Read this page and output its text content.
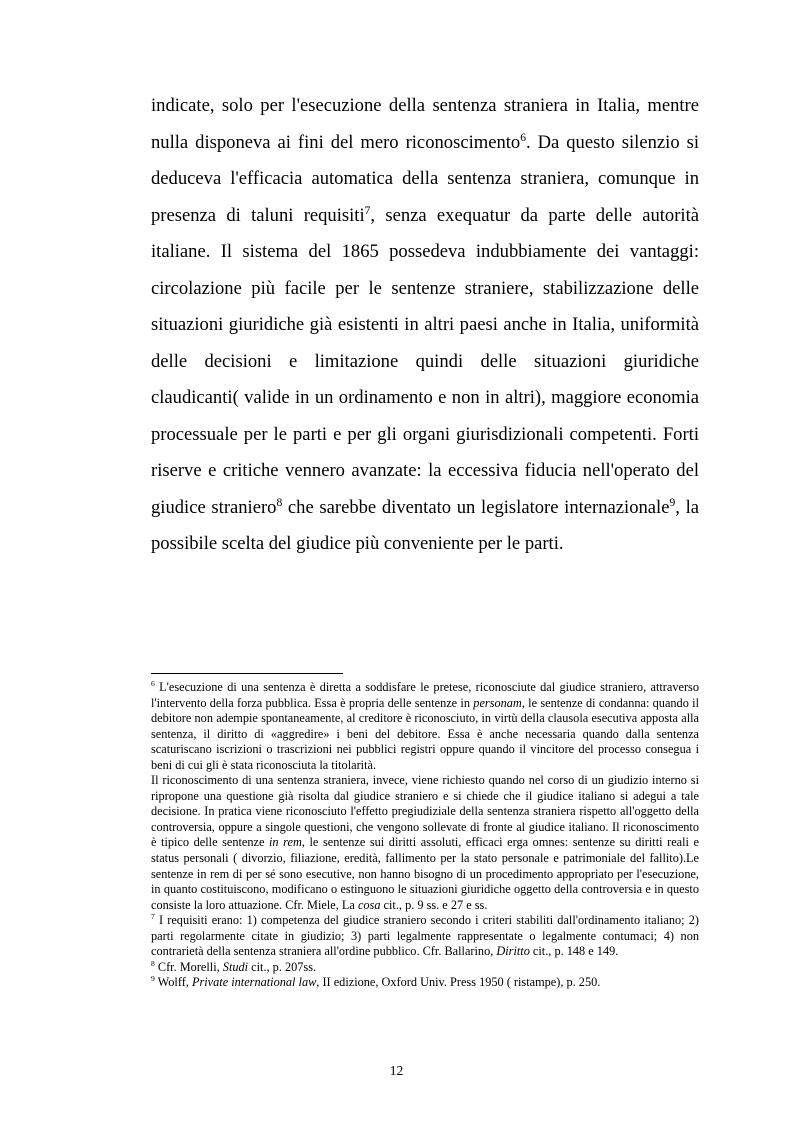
indicate, solo per l'esecuzione della sentenza straniera in Italia, mentre nulla disponeva ai fini del mero riconoscimento$^6$. Da questo silenzio si deduceva l'efficacia automatica della sentenza straniera, comunque in presenza di taluni requisiti$^7$, senza exequatur da parte delle autorità italiane. Il sistema del 1865 possedeva indubbiamente dei vantaggi: circolazione più facile per le sentenze straniere, stabilizzazione delle situazioni giuridiche già esistenti in altri paesi anche in Italia, uniformità delle decisioni e limitazione quindi delle situazioni giuridiche claudicanti( valide in un ordinamento e non in altri), maggiore economia processuale per le parti e per gli organi giurisdizionali competenti. Forti riserve e critiche vennero avanzate: la eccessiva fiducia nell'operato del giudice straniero$^8$ che sarebbe diventato un legislatore internazionale$^9$, la possibile scelta del giudice più conveniente per le parti.

$^6$ L'esecuzione di una sentenza è diretta a soddisfare le pretese, riconosciute dal giudice straniero, attraverso l'intervento della forza pubblica. Essa è propria delle sentenze in personam, le sentenze di condanna: quando il debitore non adempie spontaneamente, al creditore è riconosciuto, in virtù della clausola esecutiva apposta alla sentenza, il diritto di «aggredire» i beni del debitore. Essa è anche necessaria quando dalla sentenza scaturiscano iscrizioni o trascrizioni nei pubblici registri oppure quando il vincitore del processo consegua i beni di cui gli è stata riconosciuta la titolarità.

Il riconoscimento di una sentenza straniera, invece, viene richiesto quando nel corso di un giudizio interno si ripropone una questione già risolta dal giudice straniero e si chiede che il giudice italiano si adegui a tale decisione. In pratica viene riconosciuto l'effetto pregiudiziale della sentenza straniera rispetto all'oggetto della controversia, oppure a singole questioni, che vengono sollevate di fronte al giudice italiano. Il riconoscimento è tipico delle sentenze in rem, le sentenze sui diritti assoluti, efficaci erga omnes: sentenze su diritti reali e status personali ( divorzio, filiazione, eredità, fallimento per la stato personale e patrimoniale del fallito).Le sentenze in rem di per sé sono esecutive, non hanno bisogno di un procedimento appropriato per l'esecuzione, in quanto costituiscono, modificano o estinguono le situazioni giuridiche oggetto della controversia e in questo consiste la loro attuazione. Cfr. Miele, La cosa cit., p. 9 ss. e 27 e ss.

$^7$ I requisiti erano: 1) competenza del giudice straniero secondo i criteri stabiliti dall'ordinamento italiano; 2) parti regolarmente citate in giudizio; 3) parti legalmente rappresentate o legalmente contumaci; 4) non contrarietà della sentenza straniera all'ordine pubblico. Cfr. Ballarino, Diritto cit., p. 148 e 149.

$^8$ Cfr. Morelli, Studi cit., p. 207ss.

$^9$ Wolff, Private international law, II edizione, Oxford Univ. Press 1950 ( ristampe), p. 250.

12
